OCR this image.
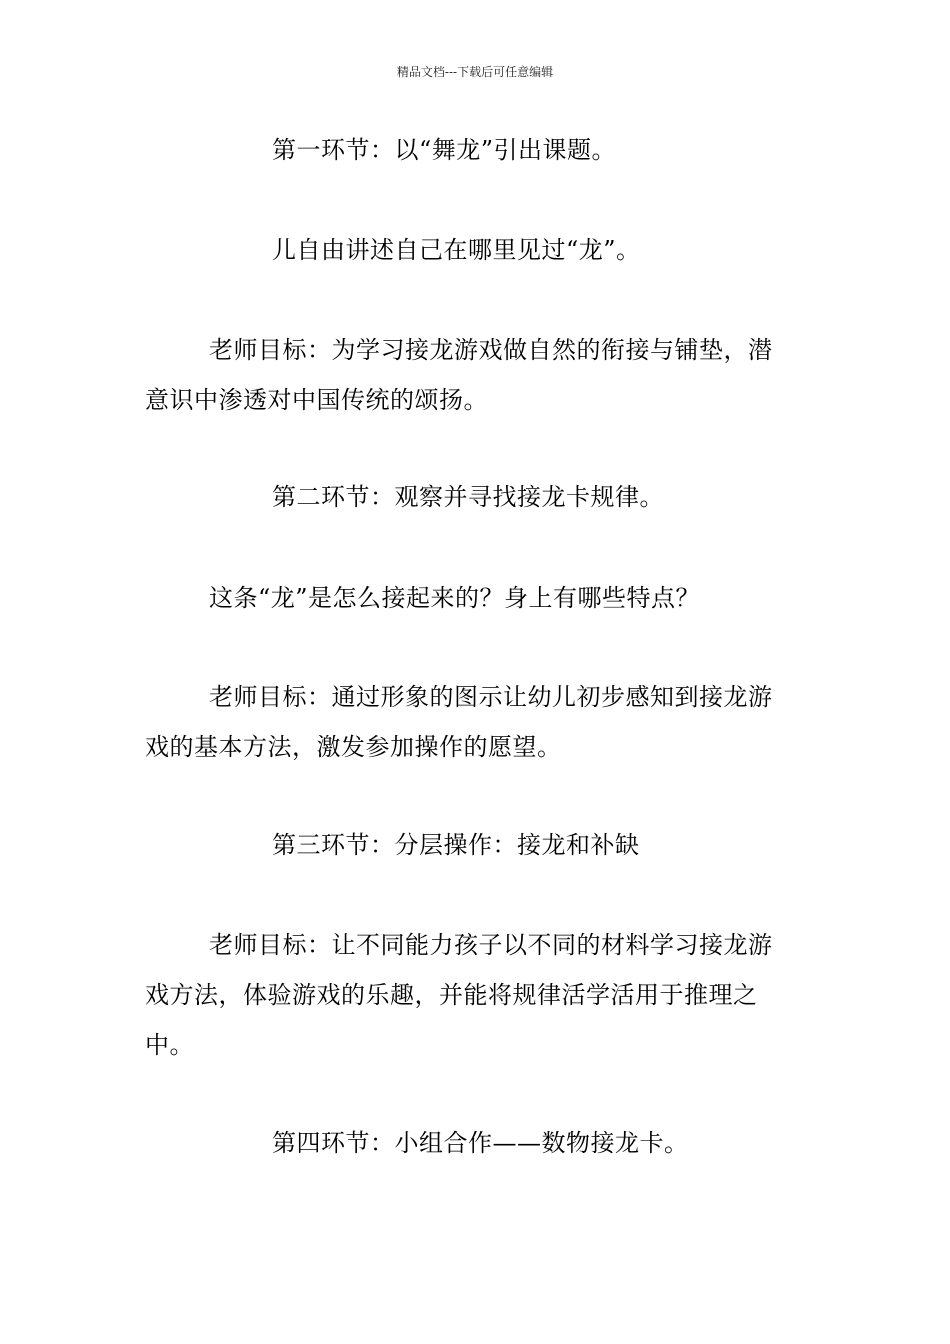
精品文档---下载后可任意编辑
第一环节：以“舞龙”引出课题。
儿自由讲述自己在哪里见过“龙”。
老师目标：为学习接龙游戏做自然的衔接与铺垫，潜
意识中渗透对中国传统的颂扬。
第二环节：观察并寻找接龙卡规律。
这条“龙”是怎么接起来的？身上有哪些特点？
老师目标：通过形象的图示让幼儿初步感知到接龙游
戏的基本方法，激发参加操作的愿望。
第三环节：分层操作：接龙和补缺
老师目标：让不同能力孩子以不同的材料学习接龙游
戏方法，体验游戏的乐趣，并能将规律活学活用于推理之
中。
第四环节：小组合作——数物接龙卡。
